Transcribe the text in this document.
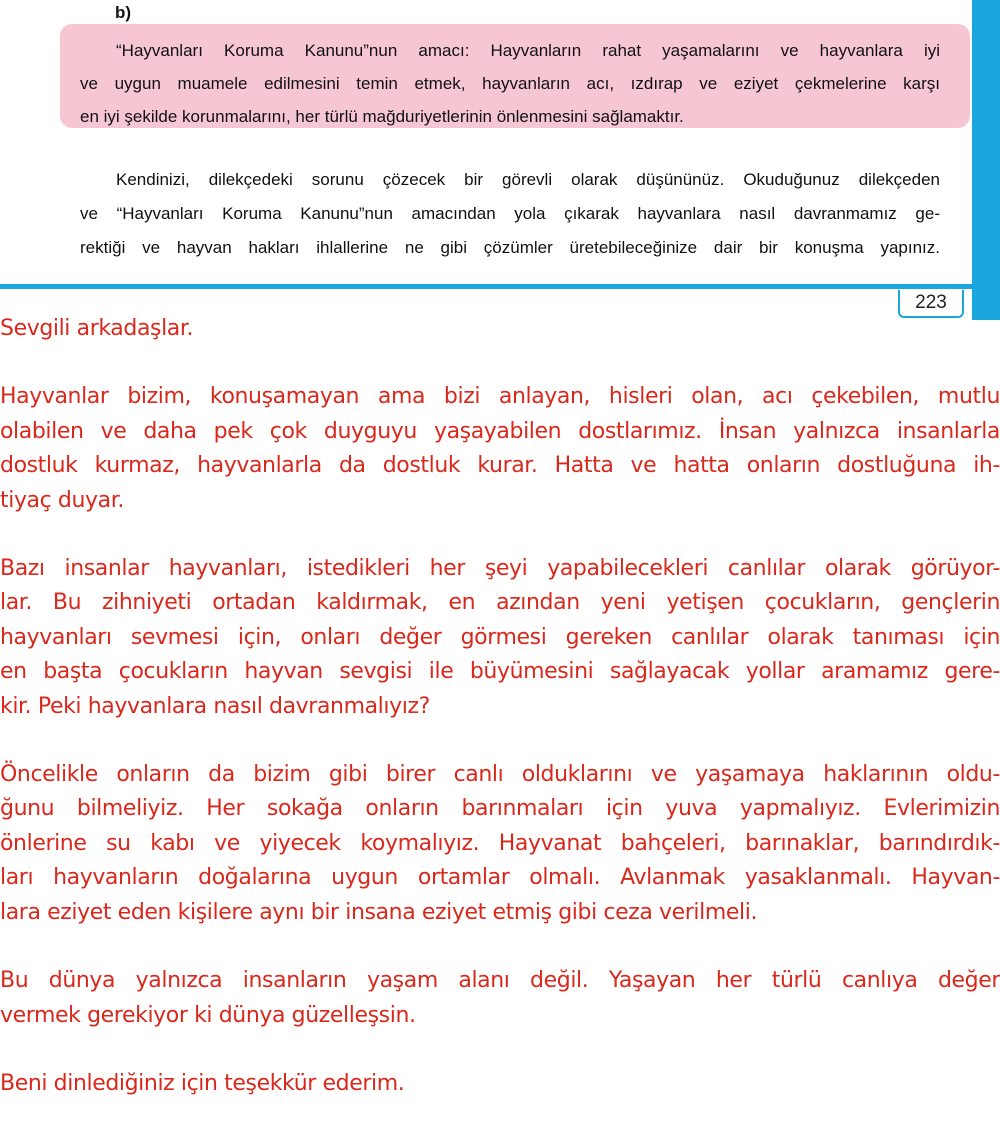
223
b)
“Hayvanları Koruma Kanunu”nun amacı: Hayvanların rahat yaşamalarını ve hayvanlara iyi
ve uygun muamele edilmesini temin etmek, hayvanların acı, ızdırap ve eziyet çekmelerine karşı
en iyi şekilde korunmalarını, her türlü mağduriyetlerinin önlenmesini sağlamaktır.
Kendinizi, dilekçedeki sorunu çözecek bir görevli olarak düşününüz. Okuduğunuz dilekçeden
ve “Hayvanları Koruma Kanunu”nun amacından yola çıkarak hayvanlara nasıl davranmamız ge-
rektiği ve hayvan hakları ihlallerine ne gibi çözümler üretebileceğinize dair bir konuşma yapınız.

Sevgili arkadaşlar.

Hayvanlar bizim, konuşamayan ama bizi anlayan, hisleri olan, acı çekebilen, mutlu
olabilen ve daha pek çok duyguyu yaşayabilen dostlarımız. İnsan yalnızca insanlarla
dostluk kurmaz, hayvanlarla da dostluk kurar. Hatta ve hatta onların dostluğuna ih-
tiyaç duyar.

Bazı insanlar hayvanları, istedikleri her şeyi yapabilecekleri canlılar olarak görüyor-
lar. Bu zihniyeti ortadan kaldırmak, en azından yeni yetişen çocukların, gençlerin
hayvanları sevmesi için, onları değer görmesi gereken canlılar olarak tanıması için
en başta çocukların hayvan sevgisi ile büyümesini sağlayacak yollar aramamız gere-
kir. Peki hayvanlara nasıl davranmalıyız?

Öncelikle onların da bizim gibi birer canlı olduklarını ve yaşamaya haklarının oldu-
ğunu bilmeliyiz. Her sokağa onların barınmaları için yuva yapmalıyız. Evlerimizin
önlerine su kabı ve yiyecek koymalıyız. Hayvanat bahçeleri, barınaklar, barındırdık-
ları hayvanların doğalarına uygun ortamlar olmalı. Avlanmak yasaklanmalı. Hayvan-
lara eziyet eden kişilere aynı bir insana eziyet etmiş gibi ceza verilmeli.

Bu dünya yalnızca insanların yaşam alanı değil. Yaşayan her türlü canlıya değer
vermek gerekiyor ki dünya güzelleşsin.

Beni dinlediğiniz için teşekkür ederim.
